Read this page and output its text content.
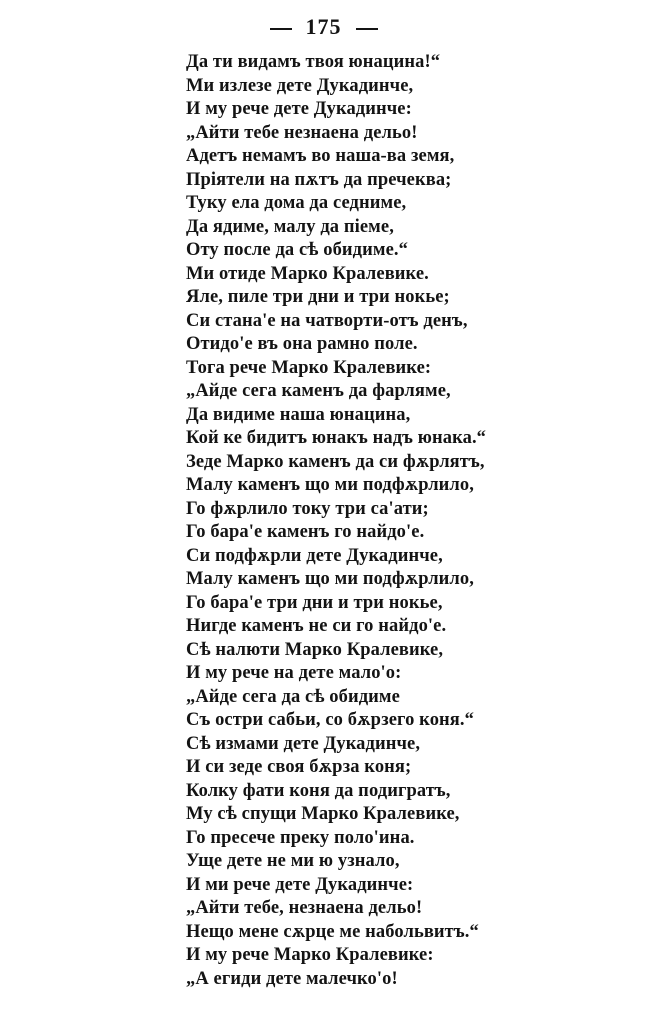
175
Да ти видамъ твоя юнацина!“
Ми излезе дете Дукадинче,
И му рече дете Дукадинче:
„Айти тебе незнаена дельо!
Адетъ немамъ во наша-ва земя,
Прiятели на пѫтъ да пречеква;
Туку ела дома да седниме,
Да ядиме, малу да пiеме,
Оту после да сѣ обидиме.“
Ми отиде Марко Кралевике.
Яле, пиле три дни и три нокье;
Си стана'е на чатворти-отъ денъ,
Отидо'е въ она рамно поле.
Тога рече Марко Кралевике:
„Айде сега каменъ да фарляме,
Да видиме наша юнацина,
Кой ке бидитъ юнакъ надъ юнака.“
Зеде Марко каменъ да си фѫрлятъ,
Малу каменъ що ми подфѫрлило,
Го фѫрлило току три са'ати;
Го бара'е каменъ го найдо'е.
Си подфѫрли дете Дукадинче,
Малу каменъ що ми подфѫрлило,
Го бара'е три дни и три нокье,
Нигде каменъ не си го найдо'е.
Сѣ налюти Марко Кралевике,
И му рече на дете мало'о:
„Айде сега да сѣ обидиме
Съ остри сабьи, со бѫрзего коня.“
Сѣ измами дете Дукадинче,
И си зеде своя бѫрза коня;
Колку фати коня да подигратъ,
Му сѣ спущи Марко Кралевике,
Го пресече преку поло'ина.
Уще дете не ми ю узнало,
И ми рече дете Дукадинче:
„Айти тебе, незнаена дельо!
Нещо мене сѫрце ме набольвитъ.“
И му рече Марко Кралевике:
„А егиди дете малечко'о!
